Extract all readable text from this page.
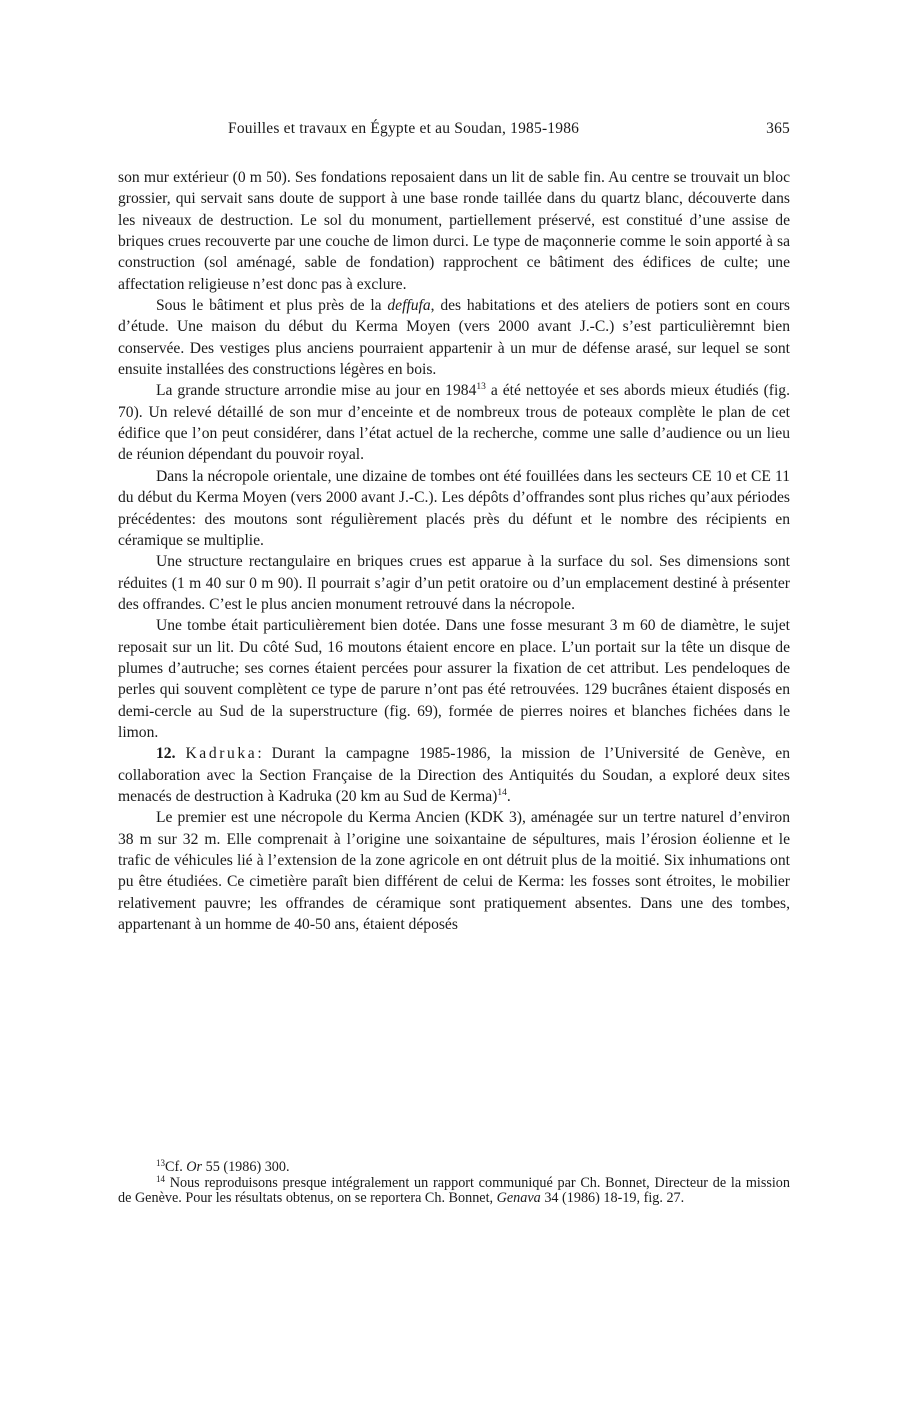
Fouilles et travaux en Égypte et au Soudan, 1985-1986	365

son mur extérieur (0 m 50). Ses fondations reposaient dans un lit de sable fin. Au centre se trouvait un bloc grossier, qui servait sans doute de support à une base ronde taillée dans du quartz blanc, découverte dans les niveaux de destruction. Le sol du monument, partiellement préservé, est constitué d’une assise de briques crues recouverte par une couche de limon durci. Le type de maçonnerie comme le soin apporté à sa construction (sol aménagé, sable de fondation) rapprochent ce bâtiment des édifices de culte; une affectation religieuse n’est donc pas à exclure.

Sous le bâtiment et plus près de la deffufa, des habitations et des ateliers de potiers sont en cours d’étude. Une maison du début du Kerma Moyen (vers 2000 avant J.-C.) s’est particulièremnt bien conservée. Des vestiges plus anciens pourraient appartenir à un mur de défense arasé, sur lequel se sont ensuite installées des constructions légères en bois.

La grande structure arrondie mise au jour en 1984$^{13}$ a été nettoyée et ses abords mieux étudiés (fig. 70). Un relevé détaillé de son mur d’enceinte et de nombreux trous de poteaux complète le plan de cet édifice que l’on peut considérer, dans l’état actuel de la recherche, comme une salle d’audience ou un lieu de réunion dépendant du pouvoir royal.

Dans la nécropole orientale, une dizaine de tombes ont été fouillées dans les secteurs CE 10 et CE 11 du début du Kerma Moyen (vers 2000 avant J.-C.). Les dépôts d’offrandes sont plus riches qu’aux périodes précédentes: des moutons sont régulièrement placés près du défunt et le nombre des récipients en céramique se multiplie.

Une structure rectangulaire en briques crues est apparue à la surface du sol. Ses dimensions sont réduites (1 m 40 sur 0 m 90). Il pourrait s’agir d’un petit oratoire ou d’un emplacement destiné à présenter des offrandes. C’est le plus ancien monument retrouvé dans la nécropole.

Une tombe était particulièrement bien dotée. Dans une fosse mesurant 3 m 60 de diamètre, le sujet reposait sur un lit. Du côté Sud, 16 moutons étaient encore en place. L’un portait sur la tête un disque de plumes d’autruche; ses cornes étaient percées pour assurer la fixation de cet attribut. Les pendeloques de perles qui souvent complètent ce type de parure n’ont pas été retrouvées. 129 bucrânes étaient disposés en demi-cercle au Sud de la superstructure (fig. 69), formée de pierres noires et blanches fichées dans le limon.

12. Kadruka: Durant la campagne 1985-1986, la mission de l’Université de Genève, en collaboration avec la Section Française de la Direction des Antiquités du Soudan, a exploré deux sites menacés de destruction à Kadruka (20 km au Sud de Kerma)$^{14}$.

Le premier est une nécropole du Kerma Ancien (KDK 3), aménagée sur un tertre naturel d’environ 38 m sur 32 m. Elle comprenait à l’origine une soixantaine de sépultures, mais l’érosion éolienne et le trafic de véhicules lié à l’extension de la zone agricole en ont détruit plus de la moitié. Six inhumations ont pu être étudiées. Ce cimetière paraît bien différent de celui de Kerma: les fosses sont étroites, le mobilier relativement pauvre; les offrandes de céramique sont pratiquement absentes. Dans une des tombes, appartenant à un homme de 40-50 ans, étaient déposés

$^{13}$Cf. Or 55 (1986) 300.

$^{14}$ Nous reproduisons presque intégralement un rapport communiqué par Ch. Bonnet, Directeur de la mission de Genève. Pour les résultats obtenus, on se reportera Ch. Bonnet, Genava 34 (1986) 18-19, fig. 27.
